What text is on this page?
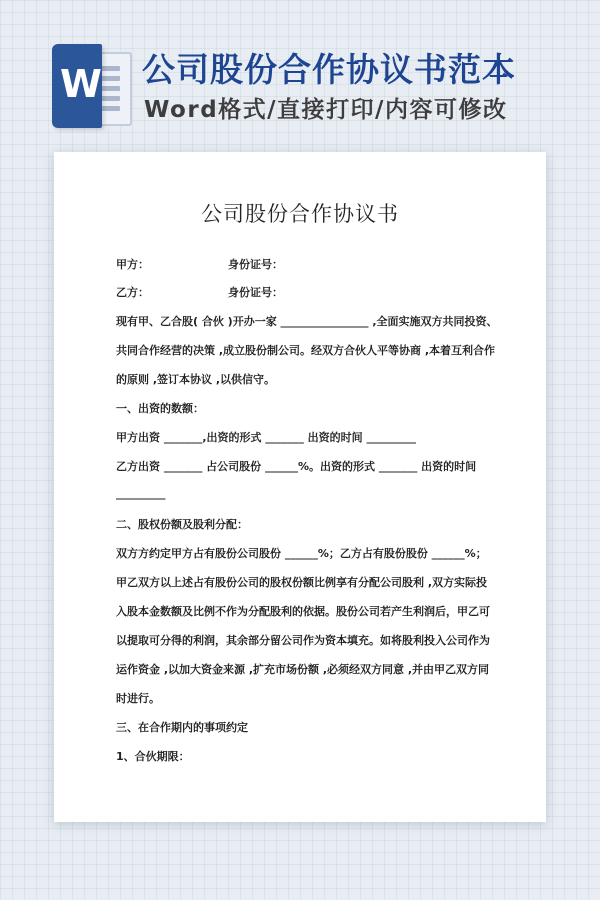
W 公司股份合作协议书范本
Word格式/直接打印/内容可修改
公司股份合作协议书
甲方：	身份证号：
乙方：	身份证号：
现有甲、乙合股( 合伙 )开办一家 ________________ ,全面实施双方共同投资、
共同合作经营的决策 ,成立股份制公司。经双方合伙人平等协商 ,本着互利合作
的原则 ,签订本协议 ,以供信守。
一、出资的数额：
甲方出资 _______,出资的形式 _______ 出资的时间 _________
乙方出资 _______ 占公司股份 ______%。出资的形式 _______ 出资的时间
_________
二、股权份额及股利分配：
双方方约定甲方占有股份公司股份 ______%；乙方占有股份股份 ______%；
甲乙双方以上述占有股份公司的股权份额比例享有分配公司股利 ,双方实际投
入股本金数额及比例不作为分配股利的依据。股份公司若产生利润后，甲乙可
以提取可分得的利润，其余部分留公司作为资本填充。如将股利投入公司作为
运作资金 ,以加大资金来源 ,扩充市场份额 ,必须经双方同意 ,并由甲乙双方同
时进行。
三、在合作期内的事项约定
1、合伙期限：
